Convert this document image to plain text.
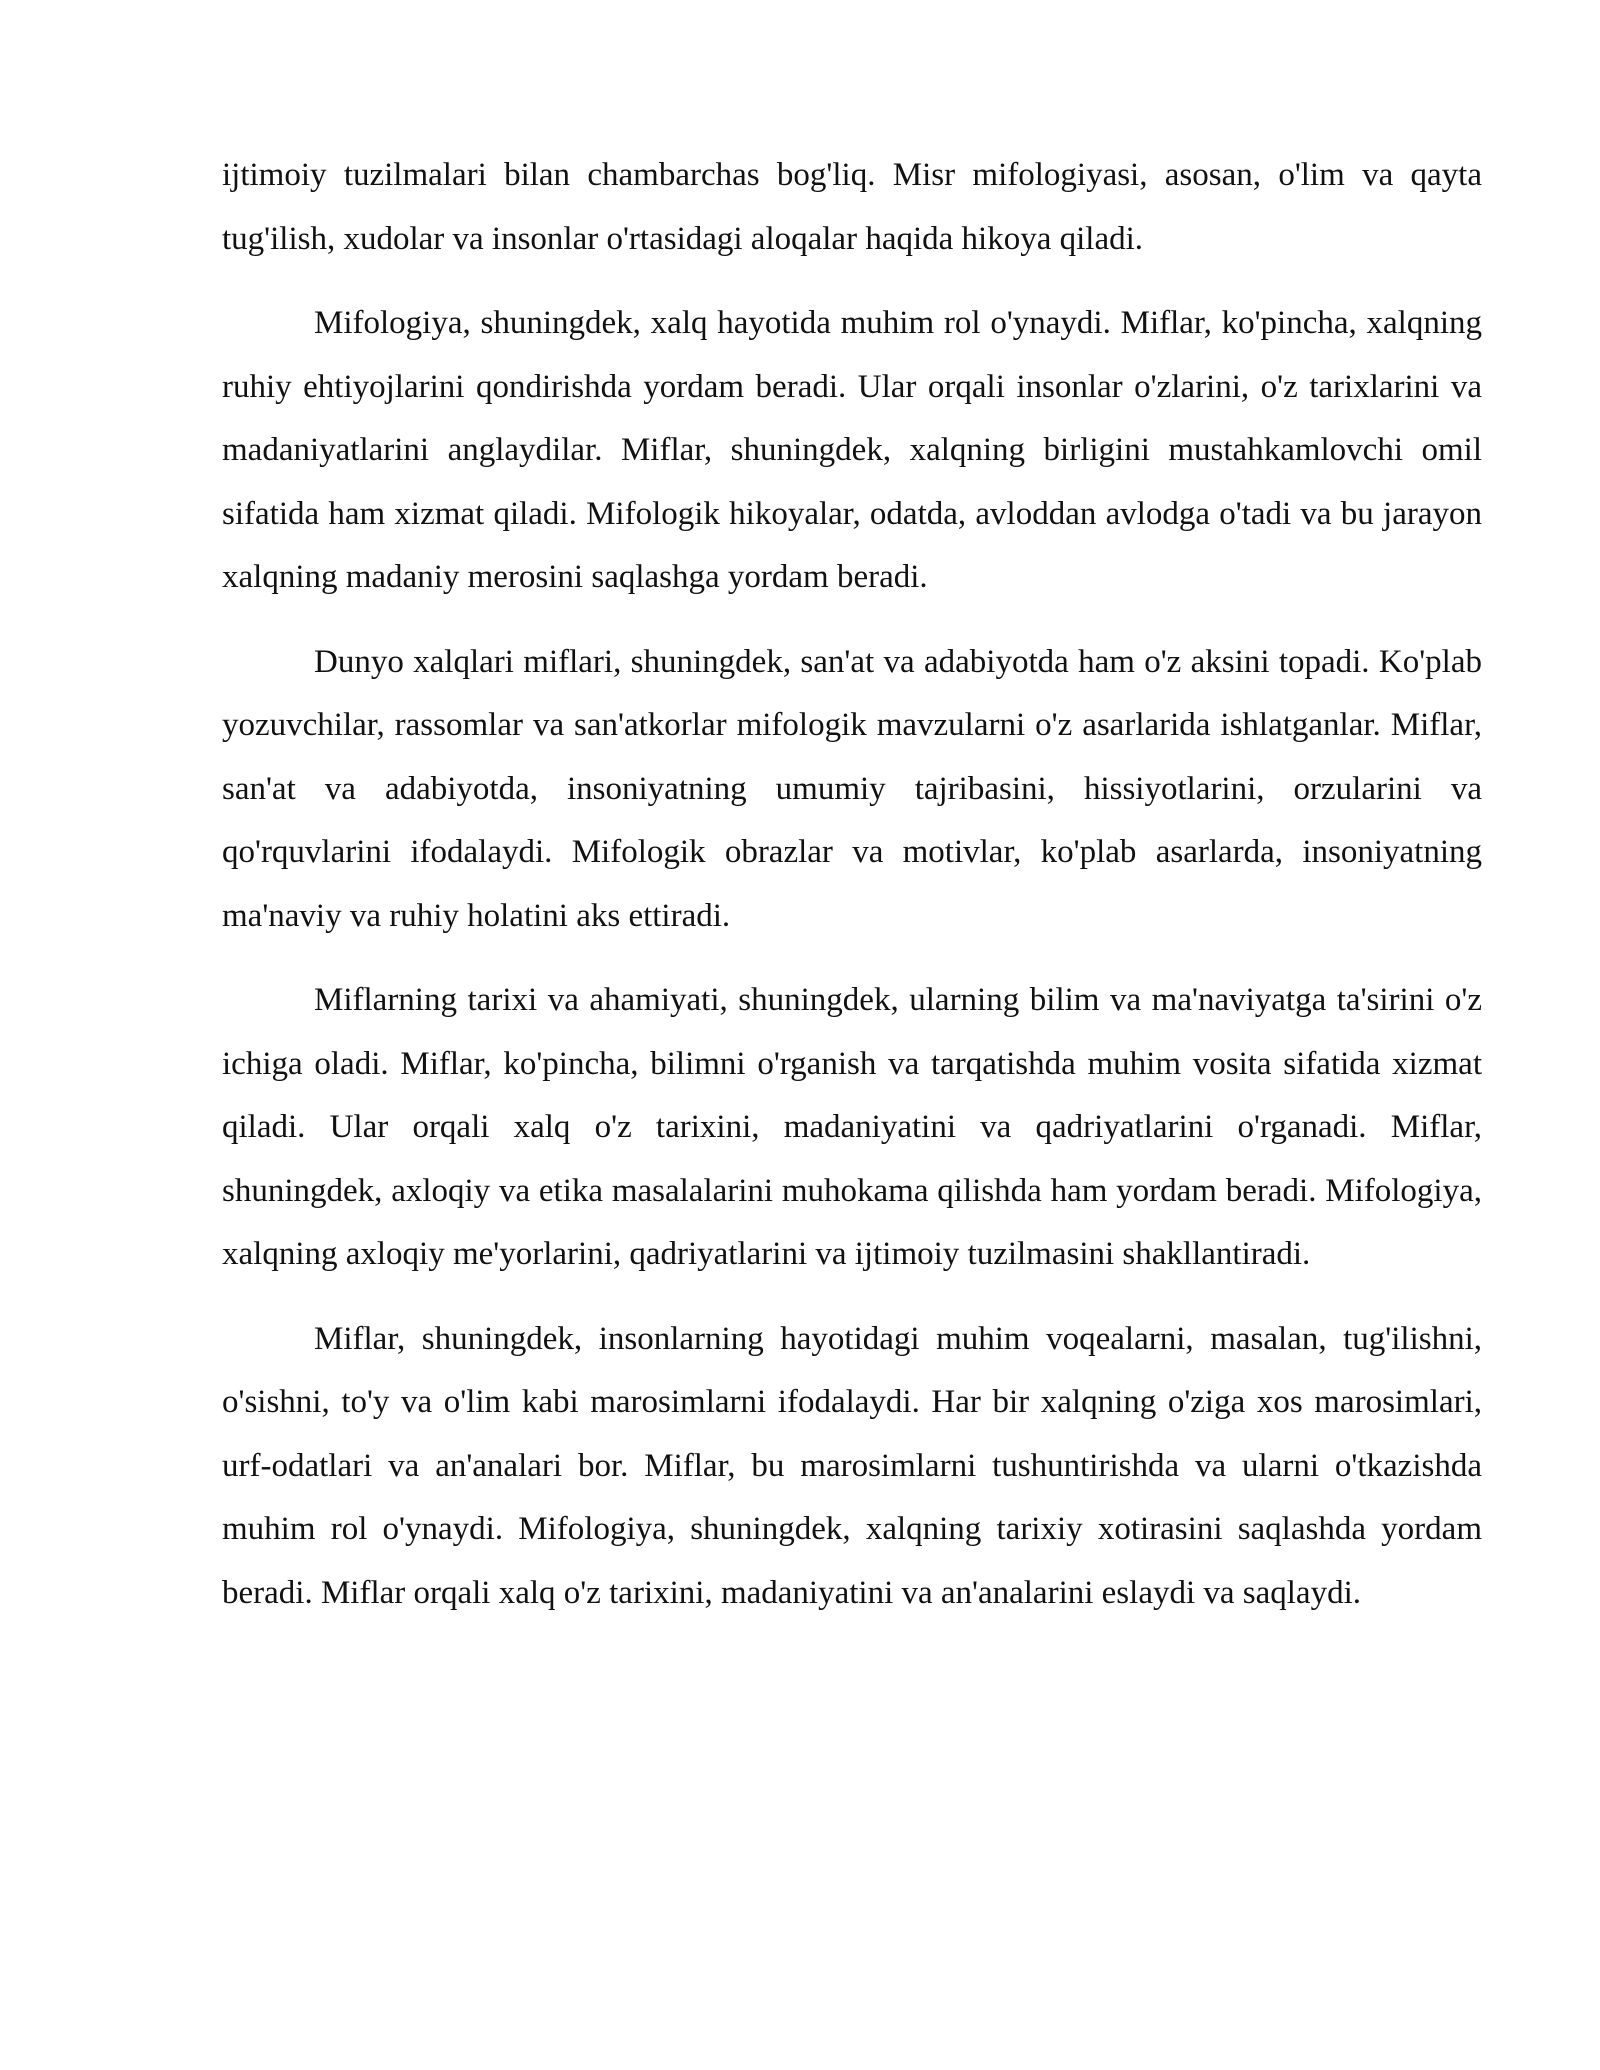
ijtimoiy tuzilmalari bilan chambarchas bog'liq. Misr mifologiyasi, asosan, o'lim va qayta tug'ilish, xudolar va insonlar o'rtasidagi aloqalar haqida hikoya qiladi.

Mifologiya, shuningdek, xalq hayotida muhim rol o'ynaydi. Miflar, ko'pincha, xalqning ruhiy ehtiyojlarini qondirishda yordam beradi. Ular orqali insonlar o'zlarini, o'z tarixlarini va madaniyatlarini anglaydilar. Miflar, shuningdek, xalqning birligini mustahkamlovchi omil sifatida ham xizmat qiladi. Mifologik hikoyalar, odatda, avloddan avlodga o'tadi va bu jarayon xalqning madaniy merosini saqlashga yordam beradi.

Dunyo xalqlari miflari, shuningdek, san'at va adabiyotda ham o'z aksini topadi. Ko'plab yozuvchilar, rassomlar va san'atkorlar mifologik mavzularni o'z asarlarida ishlatganlar. Miflar, san'at va adabiyotda, insoniyatning umumiy tajribasini, hissiyotlarini, orzularini va qo'rquvlarini ifodalaydi. Mifologik obrazlar va motivlar, ko'plab asarlarda, insoniyatning ma'naviy va ruhiy holatini aks ettiradi.

Miflarning tarixi va ahamiyati, shuningdek, ularning bilim va ma'naviyatga ta'sirini o'z ichiga oladi. Miflar, ko'pincha, bilimni o'rganish va tarqatishda muhim vosita sifatida xizmat qiladi. Ular orqali xalq o'z tarixini, madaniyatini va qadriyatlarini o'rganadi. Miflar, shuningdek, axloqiy va etika masalalarini muhokama qilishda ham yordam beradi. Mifologiya, xalqning axloqiy me'yorlarini, qadriyatlarini va ijtimoiy tuzilmasini shakllantiradi.

Miflar, shuningdek, insonlarning hayotidagi muhim voqealarni, masalan, tug'ilishni, o'sishni, to'y va o'lim kabi marosimlarni ifodalaydi. Har bir xalqning o'ziga xos marosimlari, urf-odatlari va an'analari bor. Miflar, bu marosimlarni tushuntirishda va ularni o'tkazishda muhim rol o'ynaydi. Mifologiya, shuningdek, xalqning tarixiy xotirasini saqlashda yordam beradi. Miflar orqali xalq o'z tarixini, madaniyatini va an'analarini eslaydi va saqlaydi.
